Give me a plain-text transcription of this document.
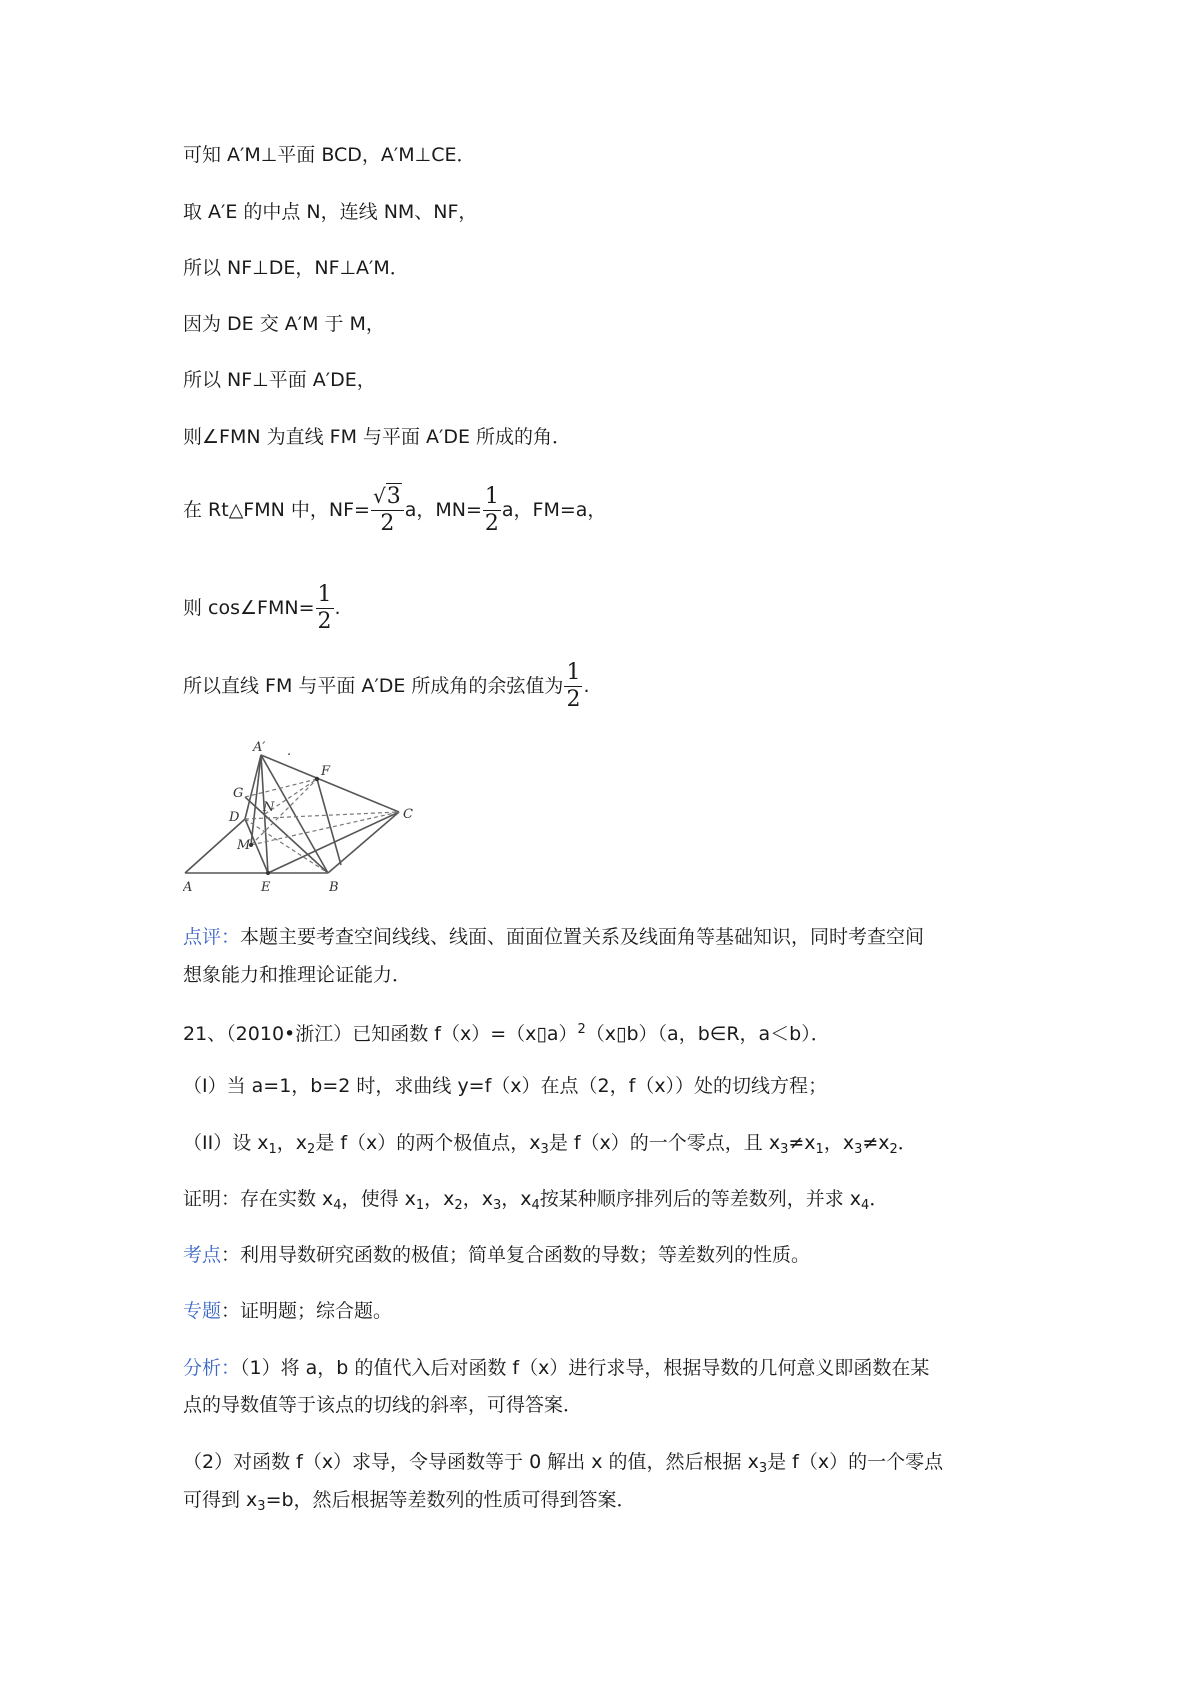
可知 A′M⊥平面 BCD，A′M⊥CE．
取 A′E 的中点 N，连线 NM、NF，
所以 NF⊥DE，NF⊥A′M．
因为 DE 交 A′M 于 M，
所以 NF⊥平面 A′DE，
则∠FMN 为直线 FM 与平面 A′DE 所成的角．
在 Rt△FMN 中，$NF= \frac{√3}{2}$ a，$MN= \frac{1}{2}$ a，FM=a，
则 cos∠FMN= $\frac{1}{2}$ .
所以直线 FM 与平面 A′DE 所成角的余弦值为 $\frac{1}{2}$ .
A′ .
F
G
D
N	C
M
A	E	B
点评：本题主要考查空间线线、线面、面面位置关系及线面角等基础知识，同时考查空间
想象能力和推理论证能力．
21、（2010•浙江）已知函数 f（x）=（x▯a）$^2$（x▯b）（a，b∈R，a＜b）．
（I）当 a=1，b=2 时，求曲线 y=f（x）在点（2，f（x））处的切线方程；
（II）设 $x_1$，$x_2$是 f（x）的两个极值点，$x_3$是 f（x）的一个零点，且 $x_3\ne x_1$，$x_3\ne x_2$．
证明：存在实数 $x_4$，使得 $x_1$，$x_2$，$x_3$，$x_4$按某种顺序排列后的等差数列，并求 $x_4$．
考点：利用导数研究函数的极值；简单复合函数的导数；等差数列的性质。
专题：证明题；综合题。
分析：（1）将 a，b 的值代入后对函数 f（x）进行求导，根据导数的几何意义即函数在某
点的导数值等于该点的切线的斜率，可得答案．
（2）对函数 f（x）求导，令导函数等于 0 解出 x 的值，然后根据 $x_3$是 f（x）的一个零点
可得到 $x_3=b$，然后根据等差数列的性质可得到答案．
